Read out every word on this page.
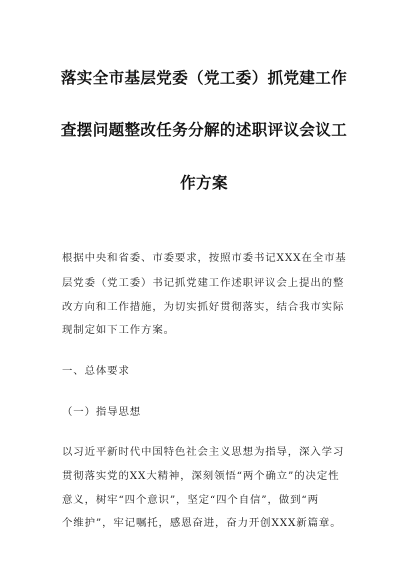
落实全市基层党委（党工委）抓党建工作
查摆问题整改任务分解的述职评议会议工
作方案
根据中央和省委、市委要求，按照市委书记XXX在全市基
层党委（党工委）书记抓党建工作述职评议会上提出的整
改方向和工作措施，为切实抓好贯彻落实，结合我市实际
现制定如下工作方案。
一、总体要求
（一）指导思想
以习近平新时代中国特色社会主义思想为指导，深入学习
贯彻落实党的XX大精神，深刻领悟“两个确立”的决定性
意义，树牢“四个意识”，坚定“四个自信”，做到“两
个维护”，牢记嘱托，感恩奋进，奋力开创XXX新篇章。
